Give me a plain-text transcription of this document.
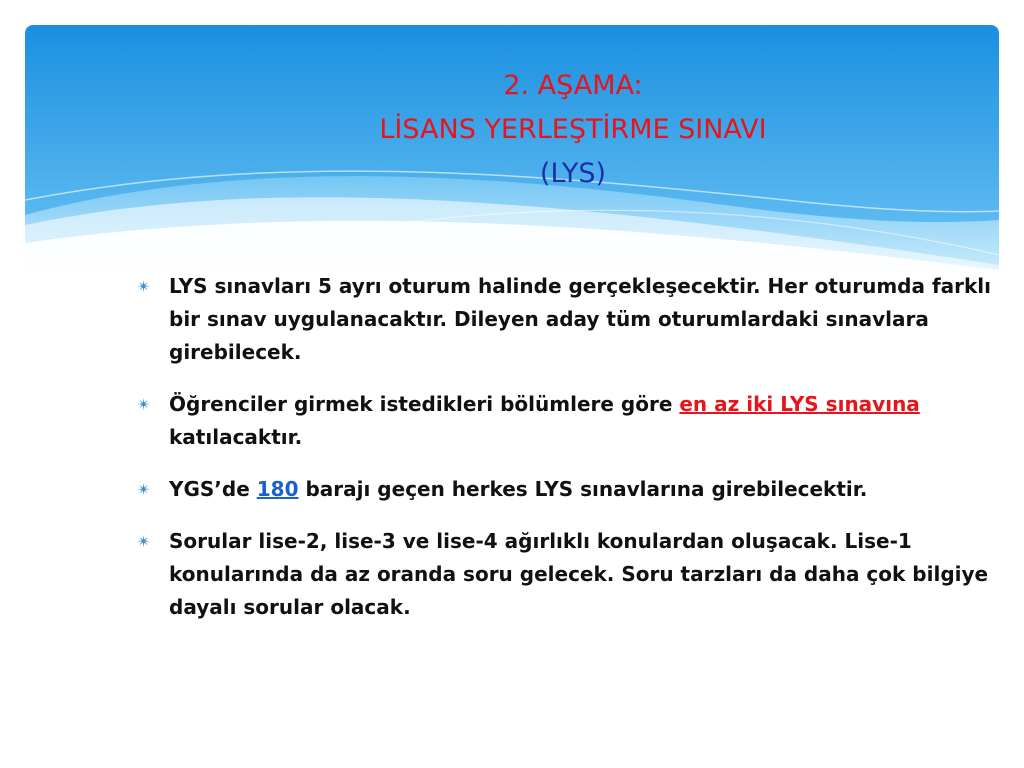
2. AŞAMA:
LİSANS YERLEŞTİRME SINAVI
(LYS)
✴ LYS sınavları 5 ayrı oturum halinde gerçekleşecektir. Her oturumda farklı bir sınav uygulanacaktır. Dileyen aday tüm oturumlardaki sınavlara girebilecek.
✴ Öğrenciler girmek istedikleri bölümlere göre en az iki LYS sınavına katılacaktır.
✴ YGS’de 180 barajı geçen herkes LYS sınavlarına girebilecektir.
✴ Sorular lise-2, lise-3 ve lise-4 ağırlıklı konulardan oluşacak. Lise-1 konularında da az oranda soru gelecek. Soru tarzları da daha çok bilgiye dayalı sorular olacak.
